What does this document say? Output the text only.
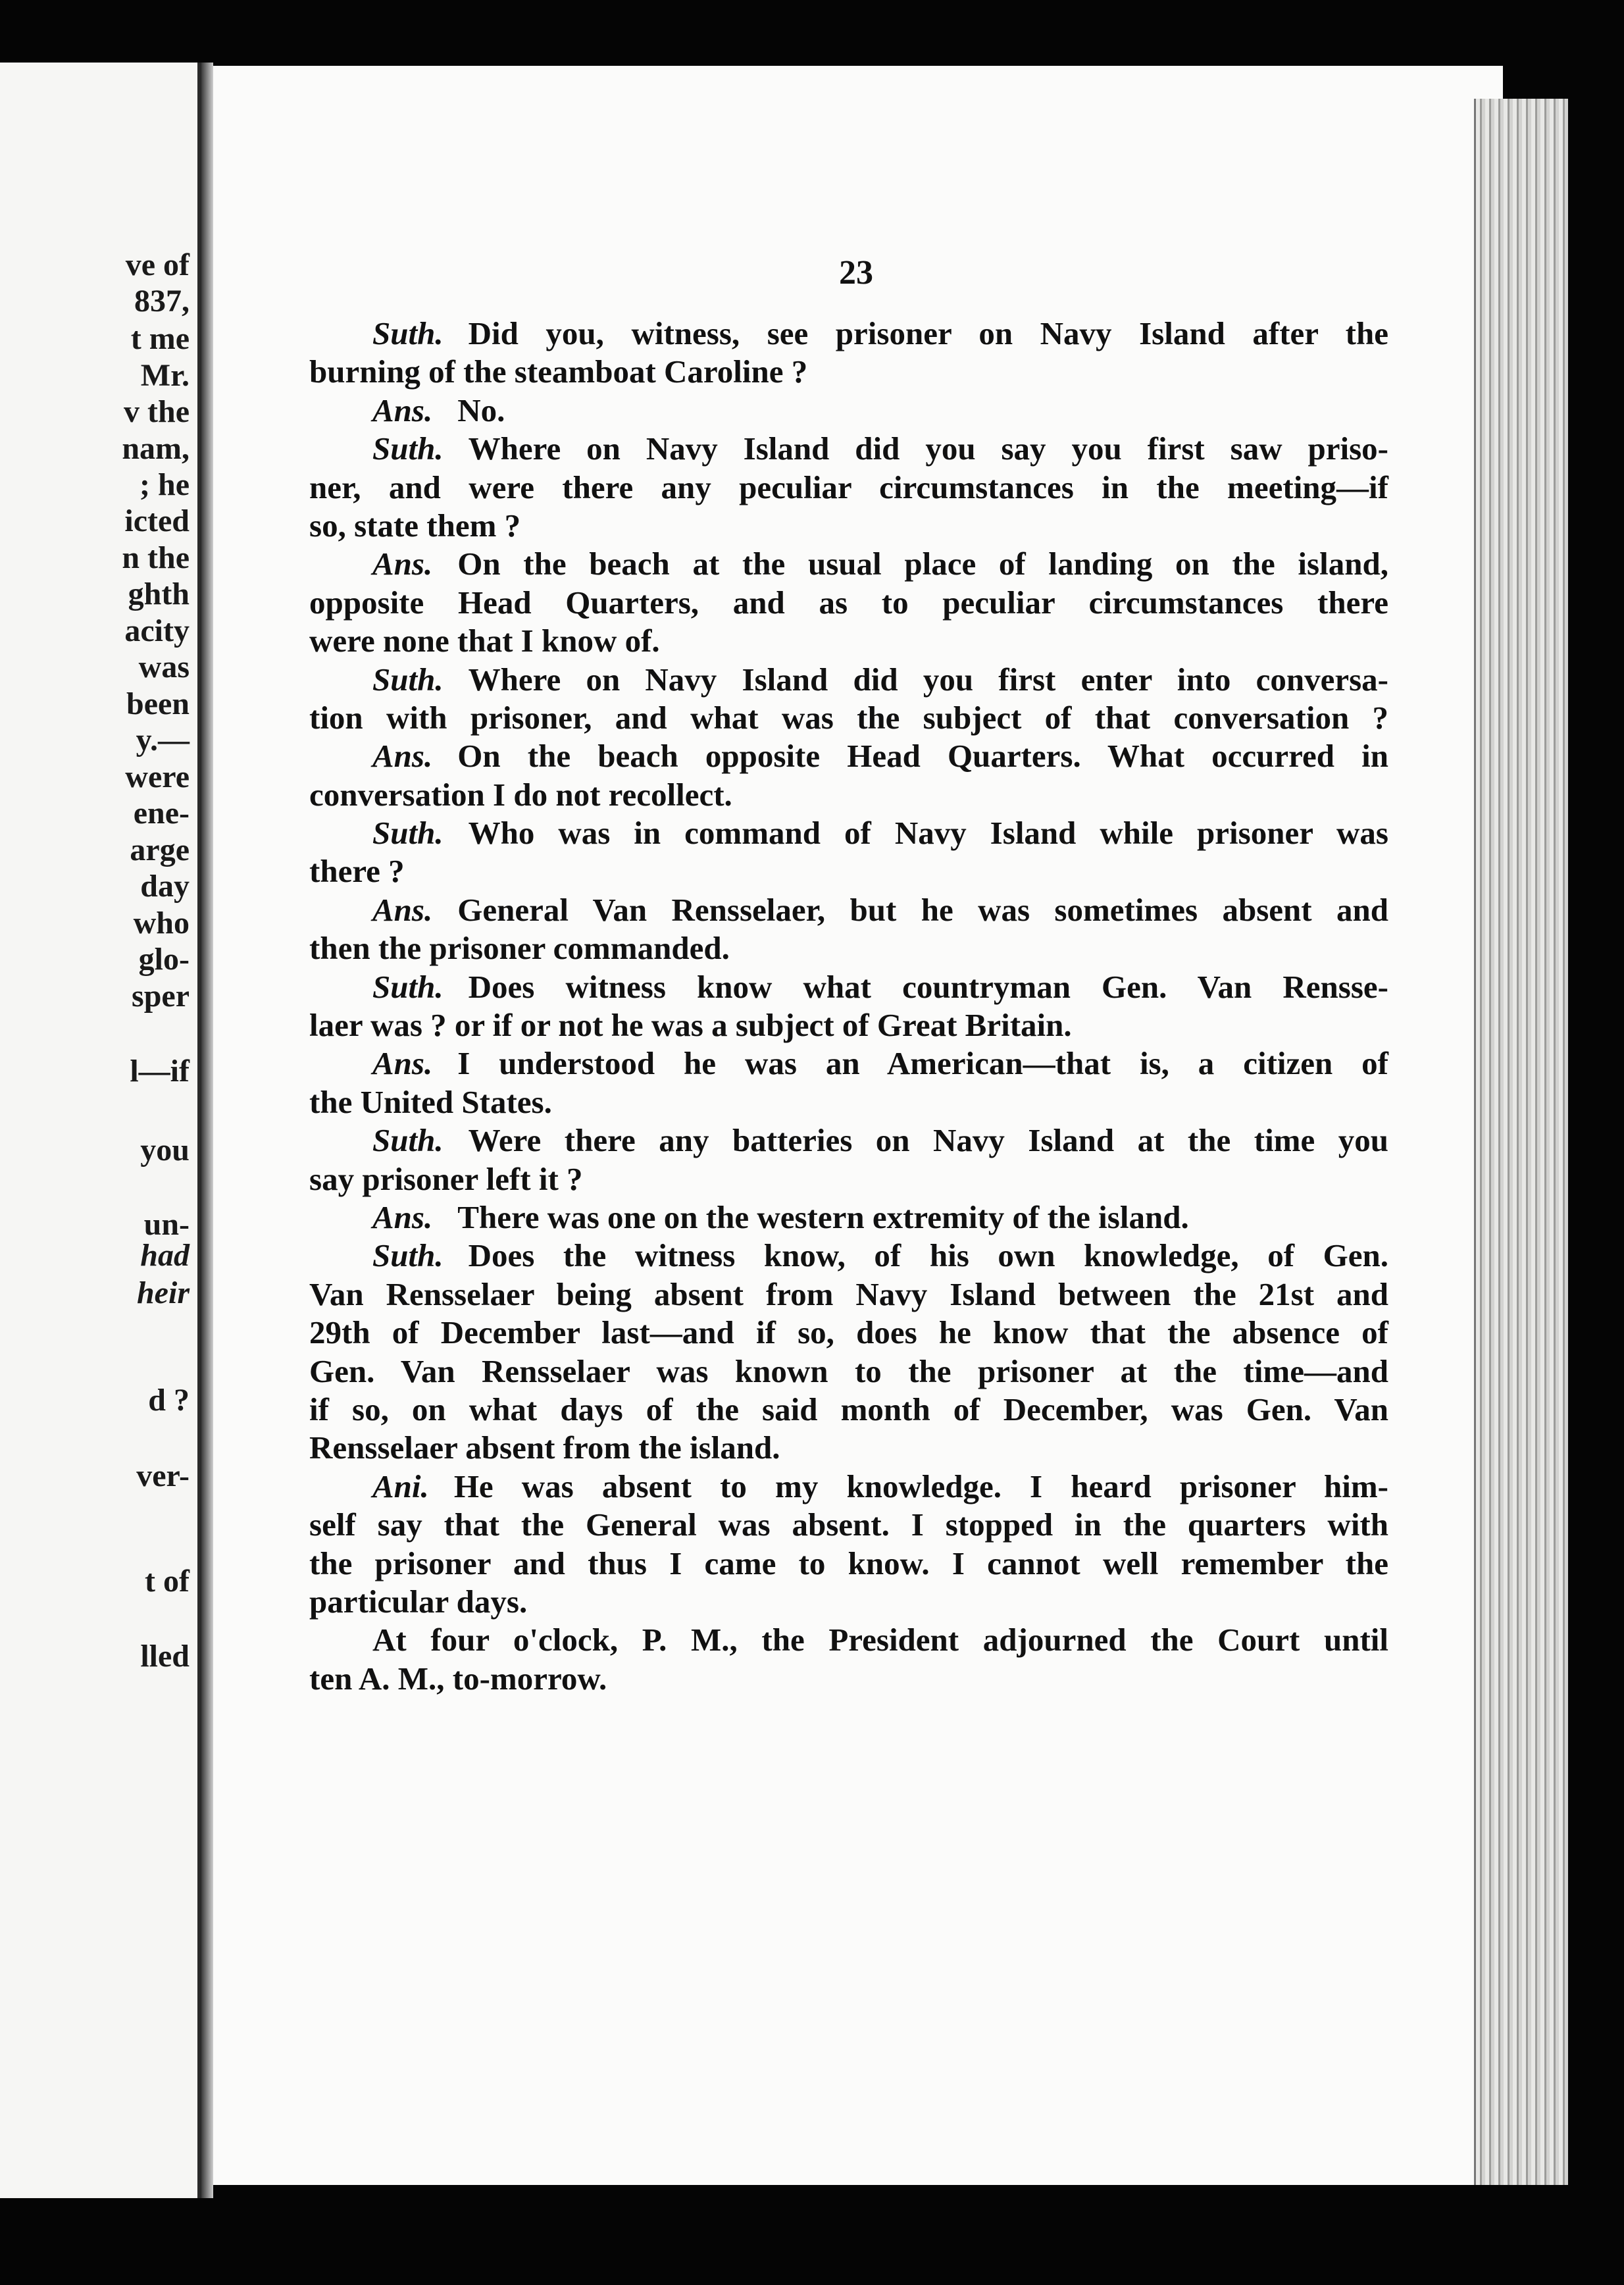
ve of
837,
t me
Mr.
v the
nam,
; he
icted
n the
ghth
acity
was
been
y.—
were
ene-
arge
day
who
glo-
sper
l—if
you
un-
had
heir
d ?
ver-
t of
lled
23
Suth. Did you, witness, see prisoner on Navy Island after the
burning of the steamboat Caroline ?
Ans. No.
Suth. Where on Navy Island did you say you first saw priso-
ner, and were there any peculiar circumstances in the meeting—if
so, state them ?
Ans. On the beach at the usual place of landing on the island,
opposite Head Quarters, and as to peculiar circumstances there
were none that I know of.
Suth. Where on Navy Island did you first enter into conversa-
tion with prisoner, and what was the subject of that conversation ?
Ans. On the beach opposite Head Quarters. What occurred in
conversation I do not recollect.
Suth. Who was in command of Navy Island while prisoner was
there ?
Ans. General Van Rensselaer, but he was sometimes absent and
then the prisoner commanded.
Suth. Does witness know what countryman Gen. Van Rensse-
laer was ? or if or not he was a subject of Great Britain.
Ans. I understood he was an American—that is, a citizen of
the United States.
Suth. Were there any batteries on Navy Island at the time you
say prisoner left it ?
Ans. There was one on the western extremity of the island.
Suth. Does the witness know, of his own knowledge, of Gen.
Van Rensselaer being absent from Navy Island between the 21st and
29th of December last—and if so, does he know that the absence of
Gen. Van Rensselaer was known to the prisoner at the time—and
if so, on what days of the said month of December, was Gen. Van
Rensselaer absent from the island.
Ani. He was absent to my knowledge. I heard prisoner him-
self say that the General was absent. I stopped in the quarters with
the prisoner and thus I came to know. I cannot well remember the
particular days.
At four o'clock, P. M., the President adjourned the Court until
ten A. M., to-morrow.
